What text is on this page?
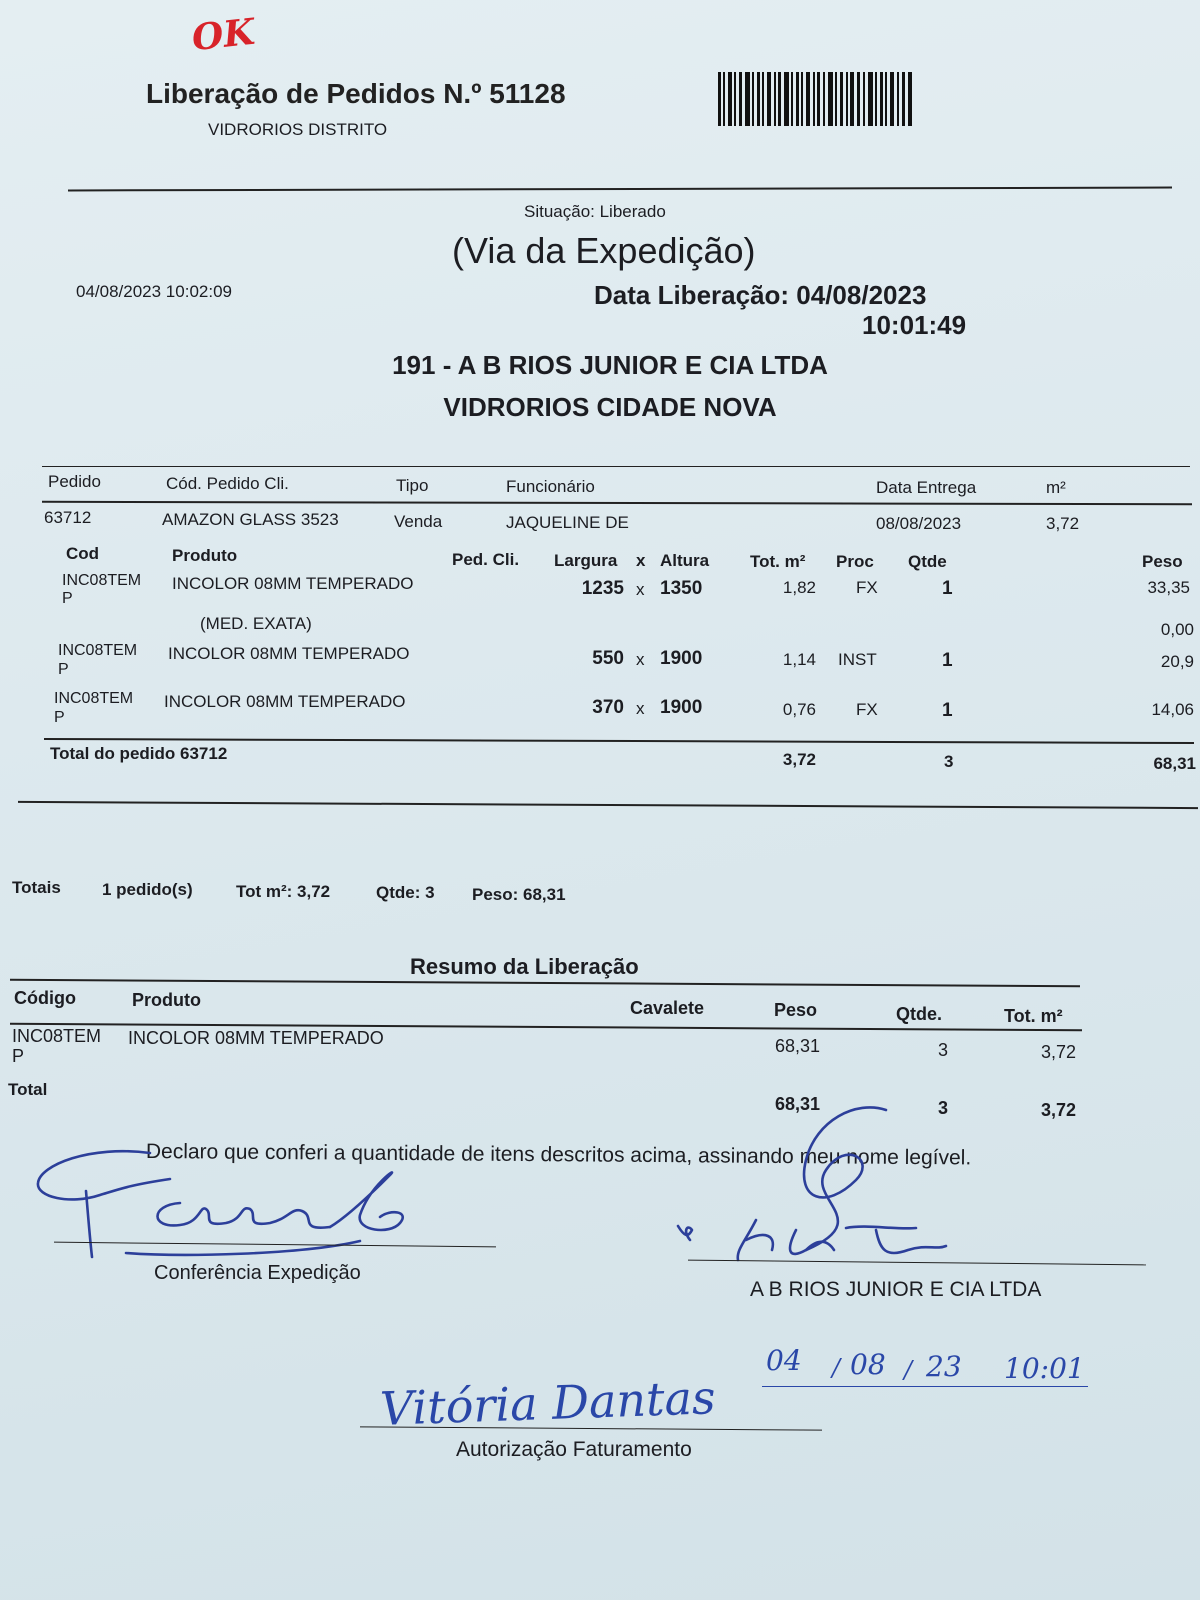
OK
Liberação de Pedidos N.º 51128
VIDRORIOS DISTRITO
Situação: Liberado
(Via da Expedição)
04/08/2023 10:02:09	Data Liberação: 04/08/2023
10:01:49
191 - A B RIOS JUNIOR E CIA LTDA
VIDRORIOS CIDADE NOVA
Pedido	Cód. Pedido Cli.	Tipo	Funcionário	Data Entrega	m²
63712	AMAZON GLASS 3523	Venda	JAQUELINE DE	08/08/2023	3,72
Cod	Produto	Ped. Cli. Largura x Altura Tot. m² Proc Qtde	Peso
INC08TEM
P
INCOLOR 08MM TEMPERADO	1235 x 1350	1,82 FX	1	33,35
(MED. EXATA)	0,00
INC08TEM
P
INCOLOR 08MM TEMPERADO	550 x 1900	1,14 INST	1	20,9
INC08TEM
P
INCOLOR 08MM TEMPERADO	370 x 1900	0,76 FX	1	14,06
Total do pedido 63712	3,72	3	68,31
Totais 1 pedido(s)	Tot m²: 3,72	Qtde: 3 Peso: 68,31
Resumo da Liberação
Código	Produto	Cavalete	Peso	Qtde.	Tot. m²
INC08TEM
P
INCOLOR 08MM TEMPERADO	68,31	3	3,72
Total
68,31	3	3,72
Declaro que conferi a quantidade de itens descritos acima, assinando meu nome legível.
Conferência Expedição
A B RIOS JUNIOR E CIA LTDA
04 / 08 / 23 10:01
Vitória Dantas
Autorização Faturamento
